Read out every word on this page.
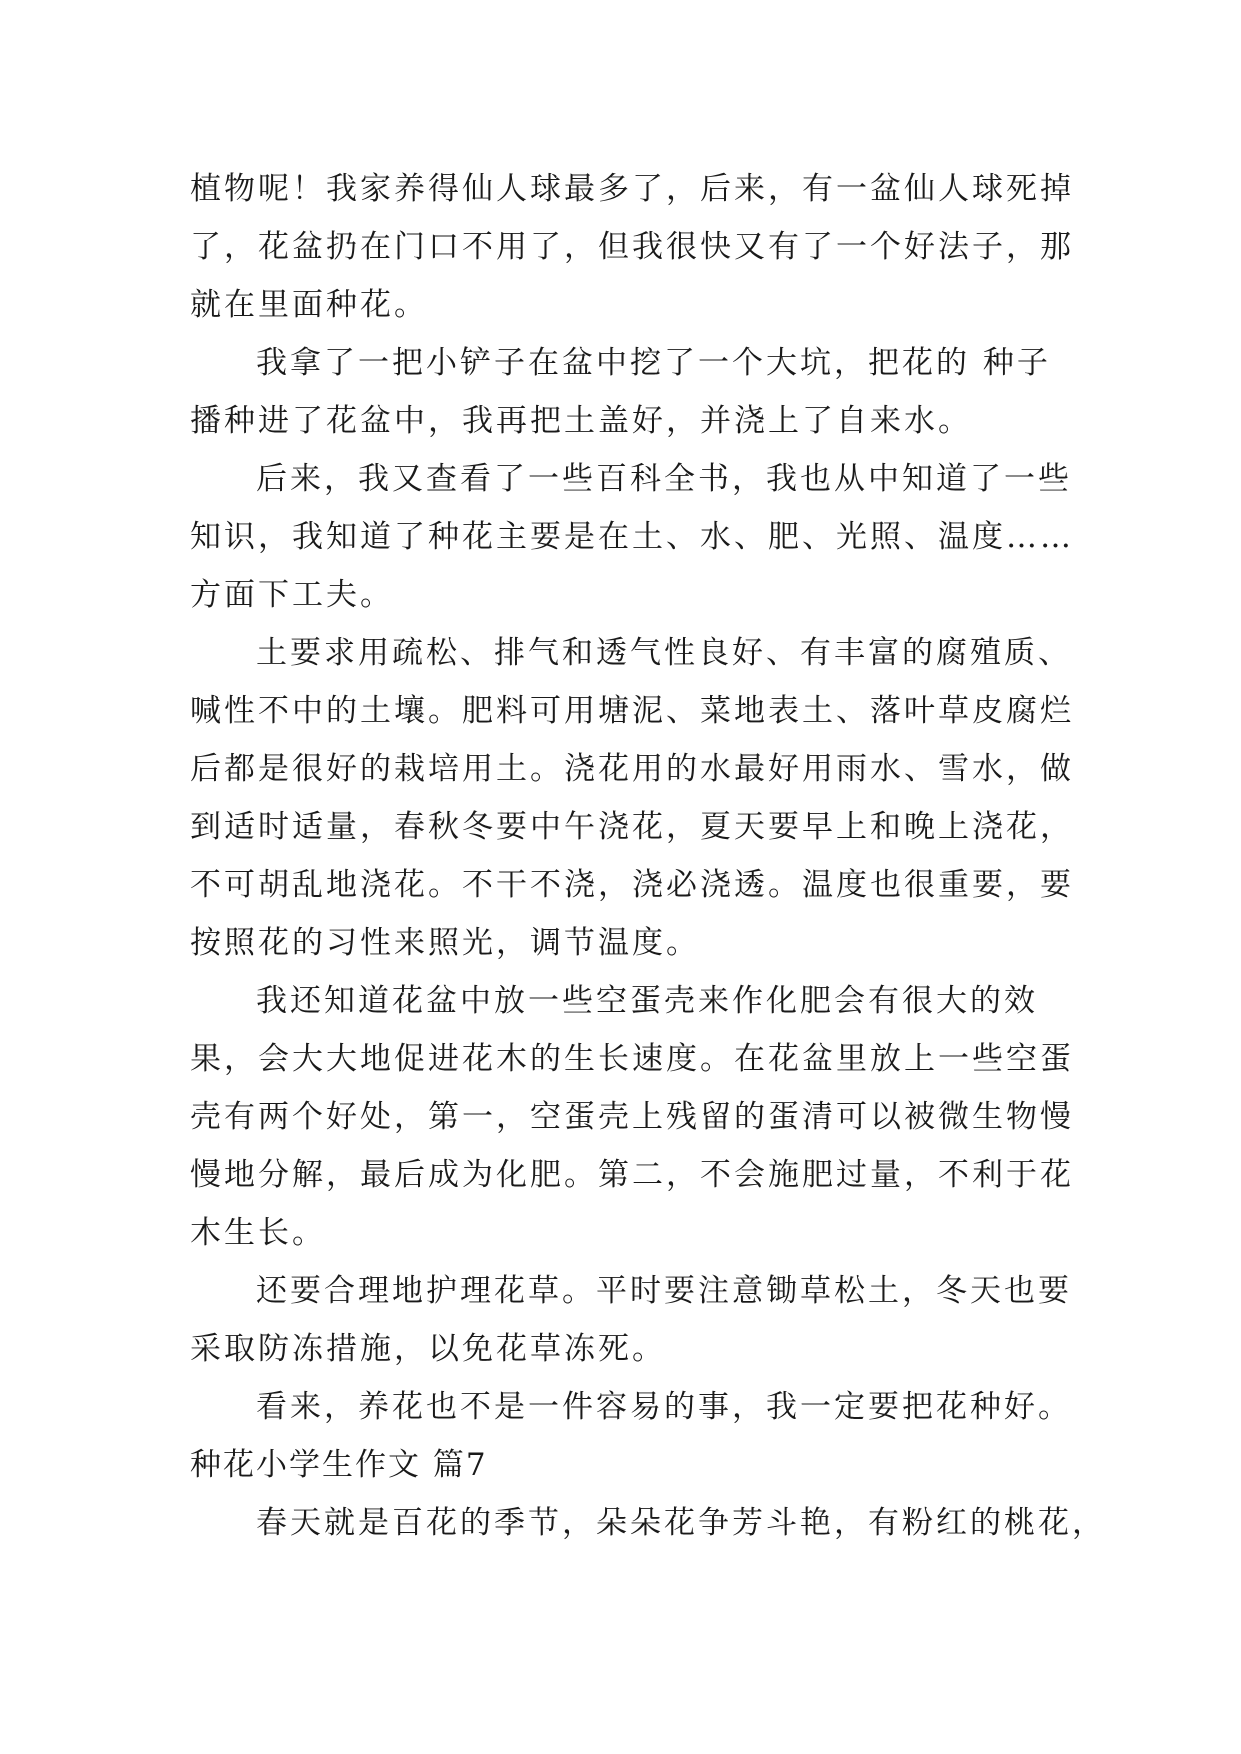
植物呢！我家养得仙人球最多了，后来，有一盆仙人球死掉
了，花盆扔在门口不用了，但我很快又有了一个好法子，那
就在里面种花。
我拿了一把小铲子在盆中挖了一个大坑，把花的 种子
播种进了花盆中，我再把土盖好，并浇上了自来水。
后来，我又查看了一些百科全书，我也从中知道了一些
知识，我知道了种花主要是在土、水、肥、光照、温度……
方面下工夫。
土要求用疏松、排气和透气性良好、有丰富的腐殖质、
喊性不中的土壤。肥料可用塘泥、菜地表土、落叶草皮腐烂
后都是很好的栽培用土。浇花用的水最好用雨水、雪水，做
到适时适量，春秋冬要中午浇花，夏天要早上和晚上浇花，
不可胡乱地浇花。不干不浇，浇必浇透。温度也很重要，要
按照花的习性来照光，调节温度。
我还知道花盆中放一些空蛋壳来作化肥会有很大的效
果，会大大地促进花木的生长速度。在花盆里放上一些空蛋
壳有两个好处，第一，空蛋壳上残留的蛋清可以被微生物慢
慢地分解，最后成为化肥。第二，不会施肥过量，不利于花
木生长。
还要合理地护理花草。平时要注意锄草松土，冬天也要
采取防冻措施，以免花草冻死。
看来，养花也不是一件容易的事，我一定要把花种好。
种花小学生作文 篇7
春天就是百花的季节，朵朵花争芳斗艳，有粉红的桃花，
